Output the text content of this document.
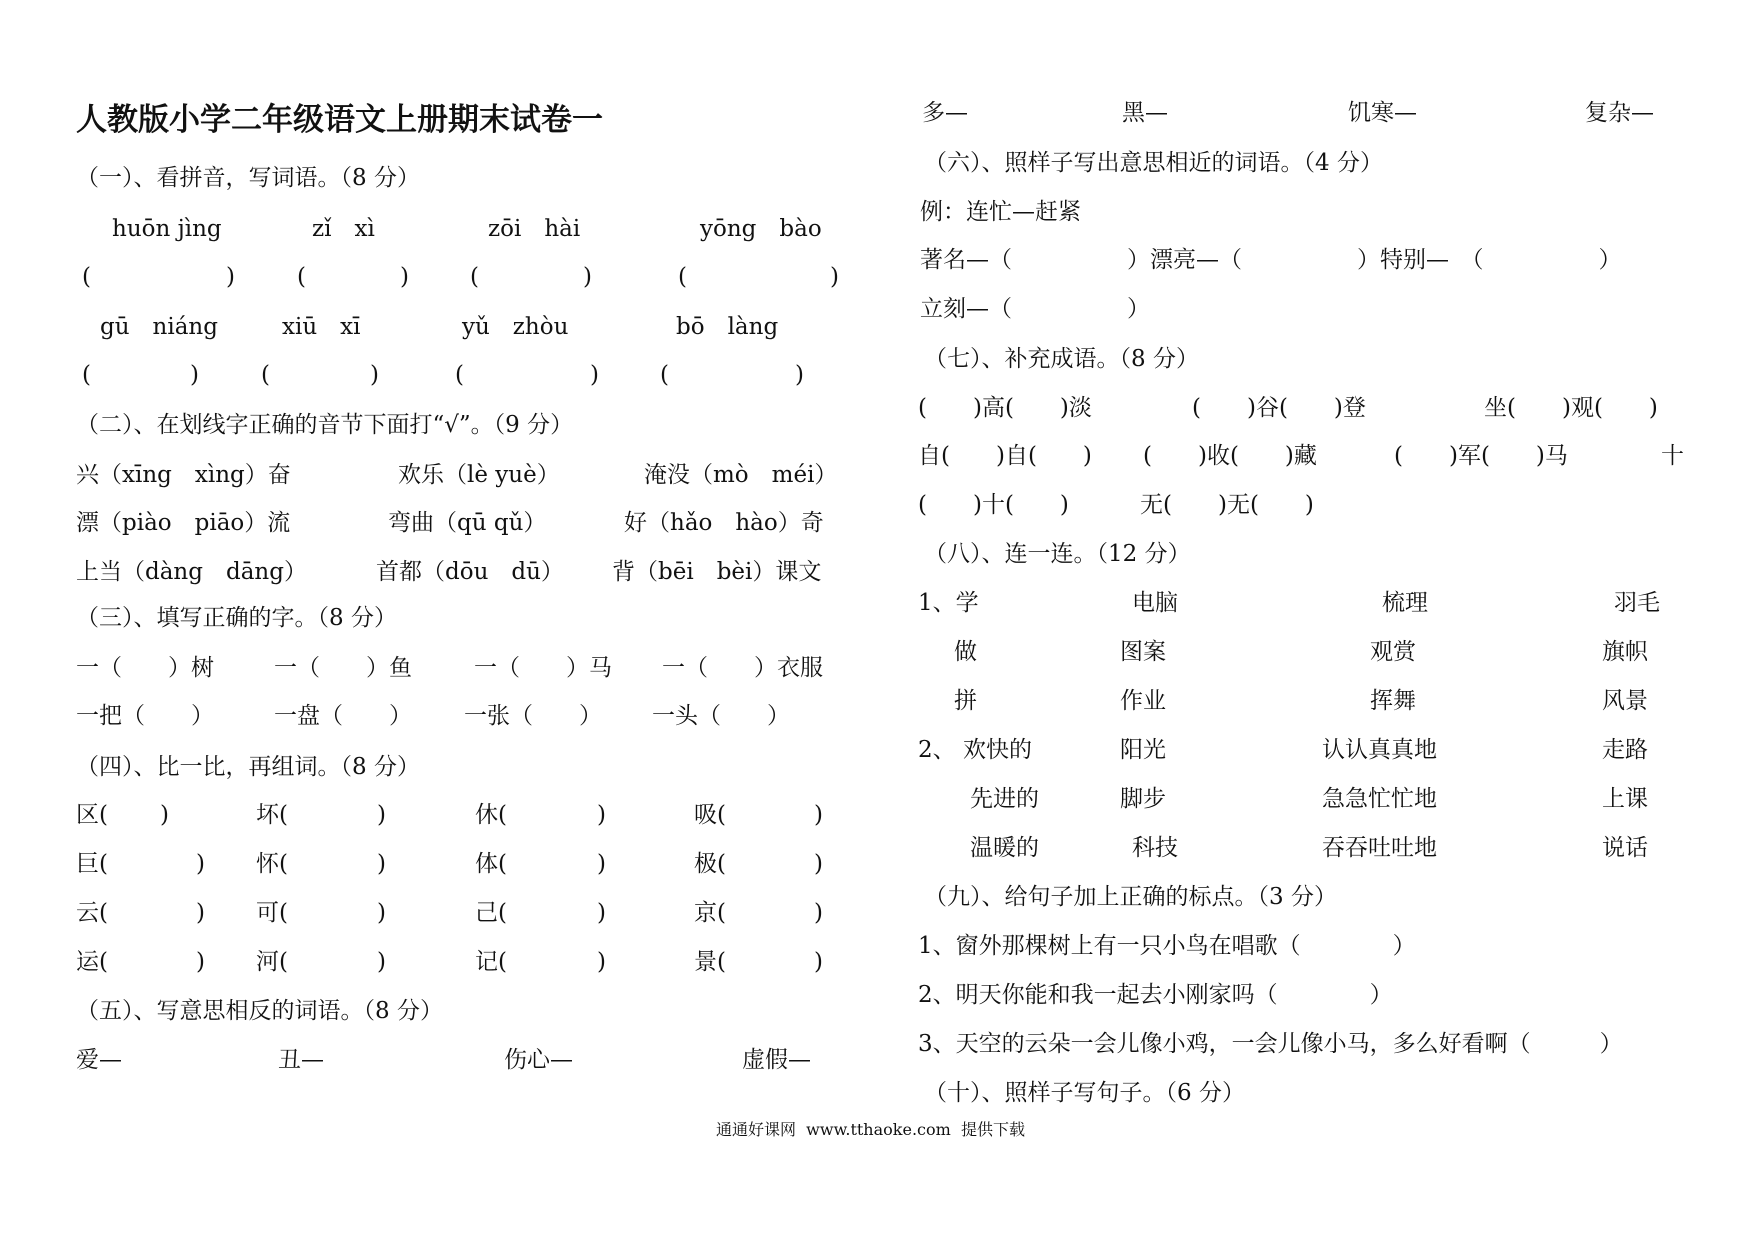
人教版小学二年级语文上册期末试卷一
（一）、看拼音，写词语。（8 分）
huōn jìng	zǐ　xì	zōi　hài	yōng　bào
(	)	(	)	(	)	(	)
gū　niáng	xiū　xī	yǔ　zhòu	bō　làng
(	)	(	)	(	)	(	)
（二）、在划线字正确的音节下面打“√”。（9 分）
兴（xīng　xìng）奋	欢乐（lè yuè）	淹没（mò　méi）
漂（piào　piāo）流	弯曲（qū qǔ）	好（hǎo　hào）奇
上当（dàng　dāng）	首都（dōu　dū） 背（bēi　bèi）课文
（三）、填写正确的字。（8 分）
一（　　）树	一（　　）鱼	一（　　）马 一（　　）衣服
一把（　　）	一盘（　　） 一张（　　） 一头（　　）
（四）、比一比，再组词。（8 分）
区( )	坏(	)	休(	)	吸(	)
巨(	) 怀(	)	体(	)	极(	)
云(	) 可(	)	己(	)	京(	)
运(	) 河(	)	记(	)	景(	)
（五）、写意思相反的词语。（8 分）
爱—	丑—	伤心—	虚假—
多—	黑—	饥寒—	复杂—
（六）、照样子写出意思相近的词语。（4 分）
例：连忙—赶紧
著名—（　　　　　）漂亮—（　　　　　）特别—　（　　　　　）
立刻—（　　　　　）
（七）、补充成语。（8 分）
(　　)高(　　)淡	(　　)谷(　　)登	坐(　　)观(　　)
自(　　)自(　　) (　　)收(　　)藏	(　　)军(　　)马	十
(　　)十(　　)	无(　　)无(　　)
（八）、连一连。（12 分）
1、学	电脑	梳理	羽毛
做	图案	观赏	旗帜
拼	作业	挥舞	风景
2、 欢快的	阳光	认认真真地	走路
先进的	脚步	急急忙忙地	上课
温暖的	科技	吞吞吐吐地	说话
（九）、给句子加上正确的标点。（3 分）
1、窗外那棵树上有一只小鸟在唱歌（　　　　）
2、明天你能和我一起去小刚家吗（　　　　）
3、天空的云朵一会儿像小鸡，一会儿像小马，多么好看啊（　　　）
（十）、照样子写句子。（6 分）
通通好课网  www.tthaoke.com  提供下载
